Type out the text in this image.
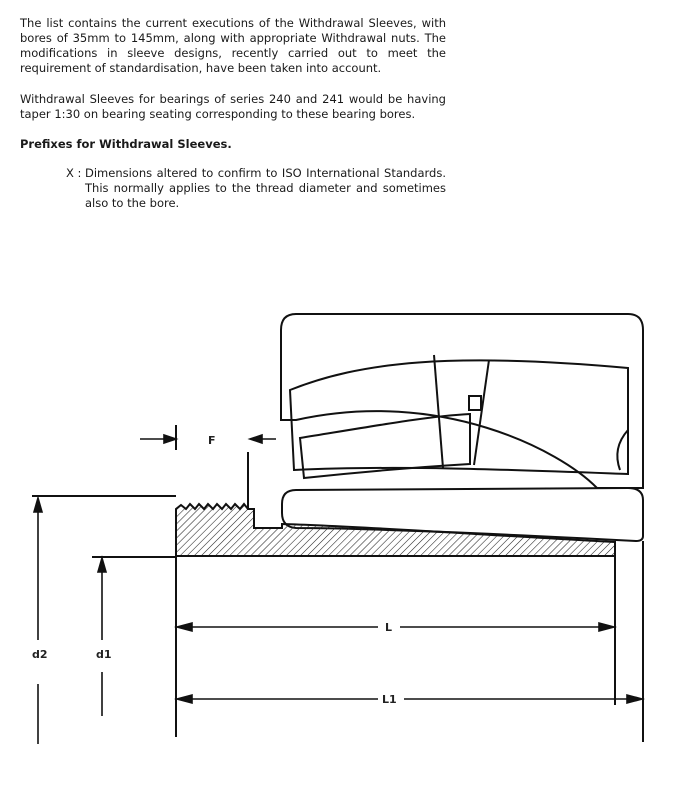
The list contains the current executions of the Withdrawal Sleeves, with bores of 35mm to 145mm, along with appropriate Withdrawal nuts. The modifications in sleeve designs, recently carried out to meet the requirement of standardisation, have been taken into account.

Withdrawal Sleeves for bearings of series 240 and 241 would be having taper 1:30 on bearing seating corresponding to these bearing bores.

Prefixes for Withdrawal Sleeves.

X : Dimensions altered to confirm to ISO International Standards. This normally applies to the thread diameter and sometimes also to the bore.
F
L
L1
d2	d1
